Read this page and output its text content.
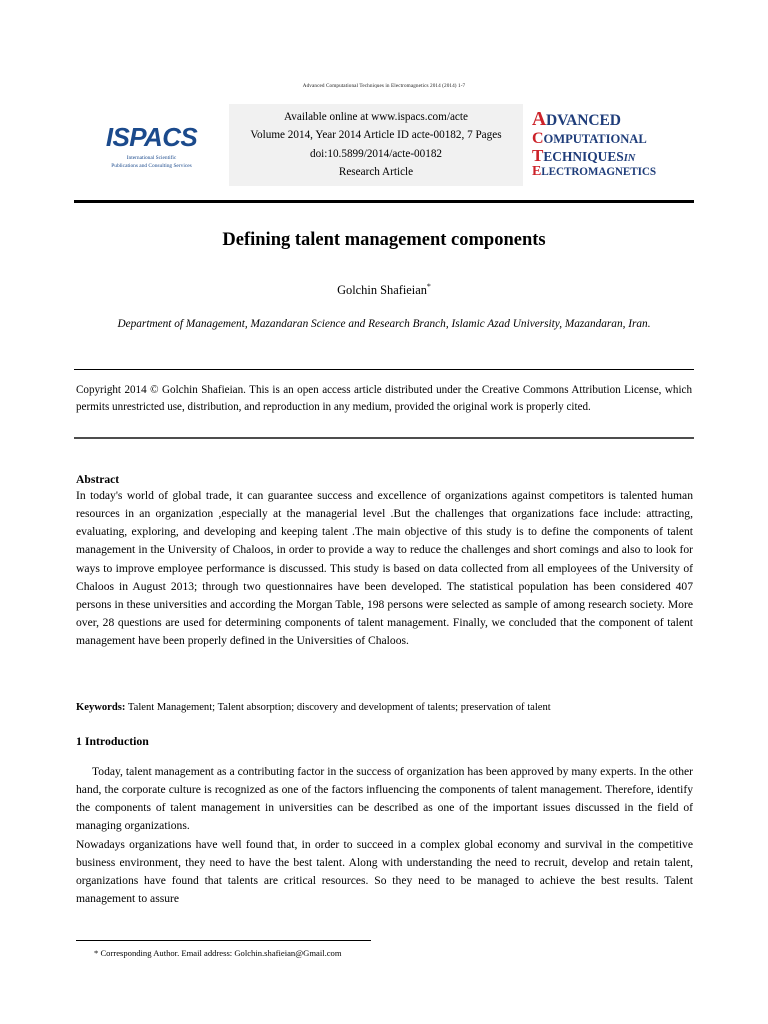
Advanced Computational Techniques in Electromagnetics 2014 (2014) 1-7
ISPACS
International Scientific
Publications and Consulting Services
Available online at www.ispacs.com/acte
Volume 2014, Year 2014 Article ID acte-00182, 7 Pages
doi:10.5899/2014/acte-00182
Research Article
ADVANCED
COMPUTATIONAL
TECHNIQUESIN
ELECTROMAGNETICS
Defining talent management components
Golchin Shafieian*
Department of Management, Mazandaran Science and Research Branch, Islamic Azad University, Mazandaran, Iran.
Copyright 2014 © Golchin Shafieian. This is an open access article distributed under the Creative Commons Attribution License, which permits unrestricted use, distribution, and reproduction in any medium, provided the original work is properly cited.
Abstract
In today's world of global trade, it can guarantee success and excellence of organizations against competitors is talented human resources in an organization ,especially at the managerial level .But the challenges that organizations face include: attracting, evaluating, exploring, and developing and keeping talent .The main objective of this study is to define the components of talent management in the University of Chaloos, in order to provide a way to reduce the challenges and short comings and also to look for ways to improve employee performance is discussed. This study is based on data collected from all employees of the University of Chaloos in August 2013; through two questionnaires have been developed. The statistical population has been considered 407 persons in these universities and according the Morgan Table, 198 persons were selected as sample of among research society. More over, 28 questions are used for determining components of talent management. Finally, we concluded that the component of talent management have been properly defined in the Universities of Chaloos.
Keywords: Talent Management; Talent absorption; discovery and development of talents; preservation of talent
1 Introduction

Today, talent management as a contributing factor in the success of organization has been approved by many experts. In the other hand, the corporate culture is recognized as one of the factors influencing the components of talent management. Therefore, identify the components of talent management in universities can be described as one of the important issues discussed in the field of managing organizations.

Nowadays organizations have well found that, in order to succeed in a complex global economy and survival in the competitive business environment, they need to have the best talent. Along with understanding the need to recruit, develop and retain talent, organizations have found that talents are critical resources. So they need to be managed to achieve the best results. Talent management to assure

* Corresponding Author. Email address: Golchin.shafieian@Gmail.com
